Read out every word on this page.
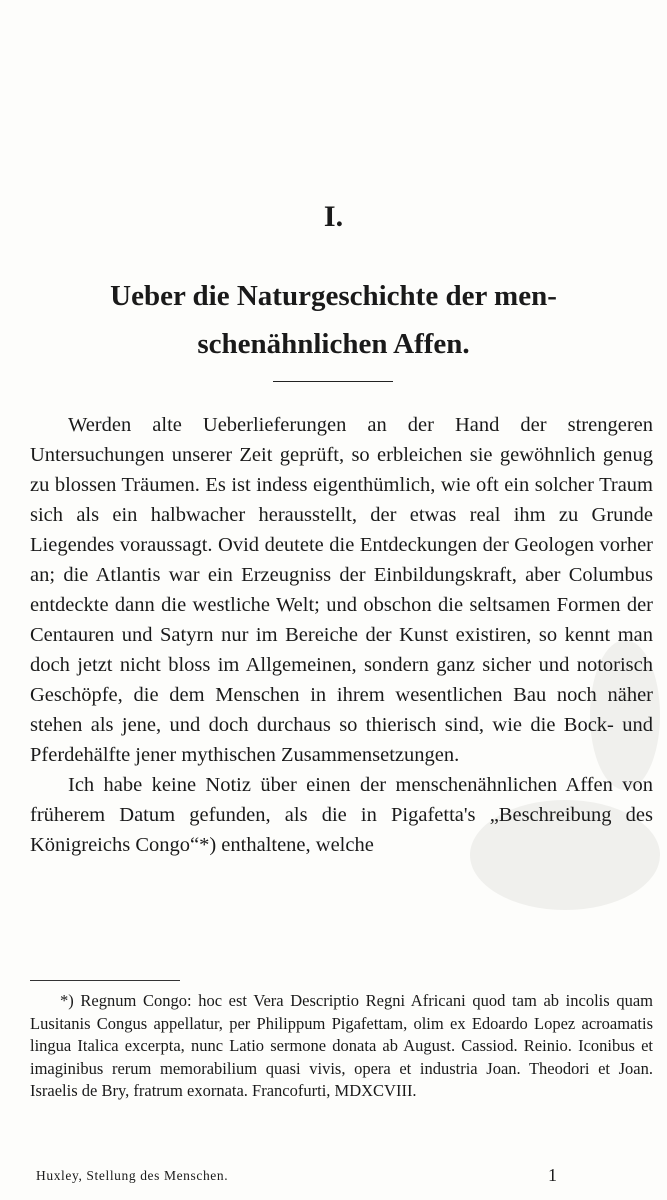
I.
Ueber die Naturgeschichte der men-
schenähnlichen Affen.

Werden alte Ueberlieferungen an der Hand der strengeren Untersuchungen unserer Zeit geprüft, so erbleichen sie gewöhnlich genug zu blossen Träumen. Es ist indess eigenthümlich, wie oft ein solcher Traum sich als ein halbwacher herausstellt, der etwas real ihm zu Grunde Liegendes voraussagt. Ovid deutete die Entdeckungen der Geologen vorher an; die Atlantis war ein Erzeugniss der Einbildungskraft, aber Columbus entdeckte dann die westliche Welt; und obschon die seltsamen Formen der Centauren und Satyrn nur im Bereiche der Kunst existiren, so kennt man doch jetzt nicht bloss im Allgemeinen, sondern ganz sicher und notorisch Geschöpfe, die dem Menschen in ihrem wesentlichen Bau noch näher stehen als jene, und doch durchaus so thierisch sind, wie die Bock- und Pferdehälfte jener mythischen Zusammensetzungen.

Ich habe keine Notiz über einen der menschenähnlichen Affen von früherem Datum gefunden, als die in Pigafetta's „Beschreibung des Königreichs Congo“*) enthaltene, welche

*) Regnum Congo: hoc est Vera Descriptio Regni Africani quod tam ab incolis quam Lusitanis Congus appellatur, per Philippum Pigafettam, olim ex Edoardo Lopez acroamatis lingua Italica excerpta, nunc Latio sermone donata ab August. Cassiod. Reinio. Iconibus et imaginibus rerum memorabilium quasi vivis, opera et industria Joan. Theodori et Joan. Israelis de Bry, fratrum exornata. Francofurti, MDXCVIII.
Huxley, Stellung des Menschen.	1
